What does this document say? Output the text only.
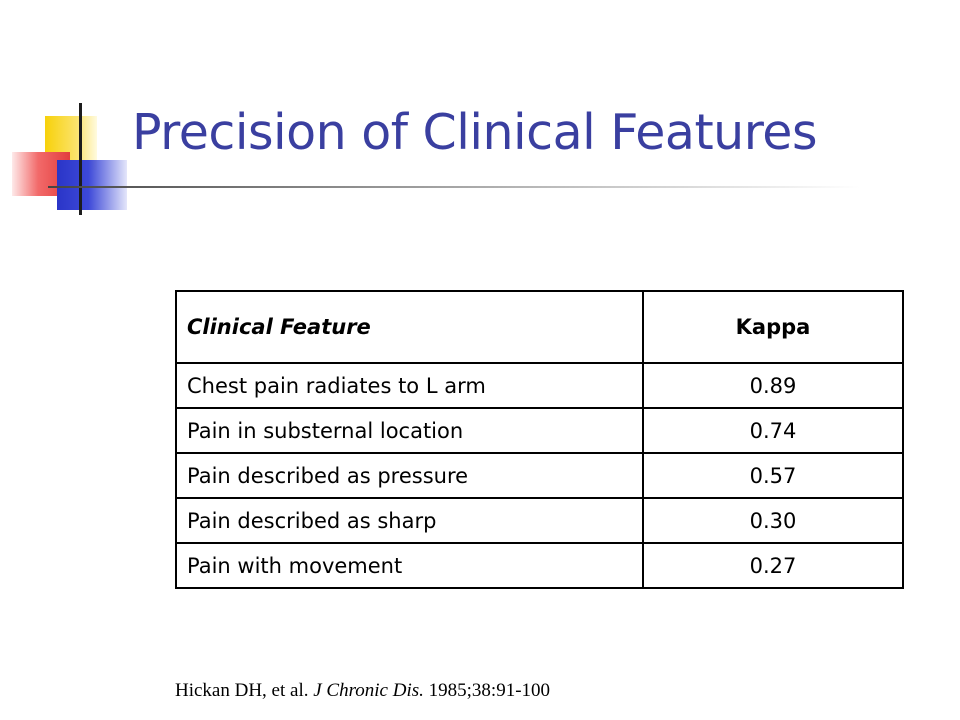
Precision of Clinical Features
Clinical Feature	Kappa
Chest pain radiates to L arm	0.89
Pain in substernal location	0.74
Pain described as pressure	0.57
Pain described as sharp	0.30
Pain with movement	0.27
Hickan DH, et al. J Chronic Dis. 1985;38:91-100
